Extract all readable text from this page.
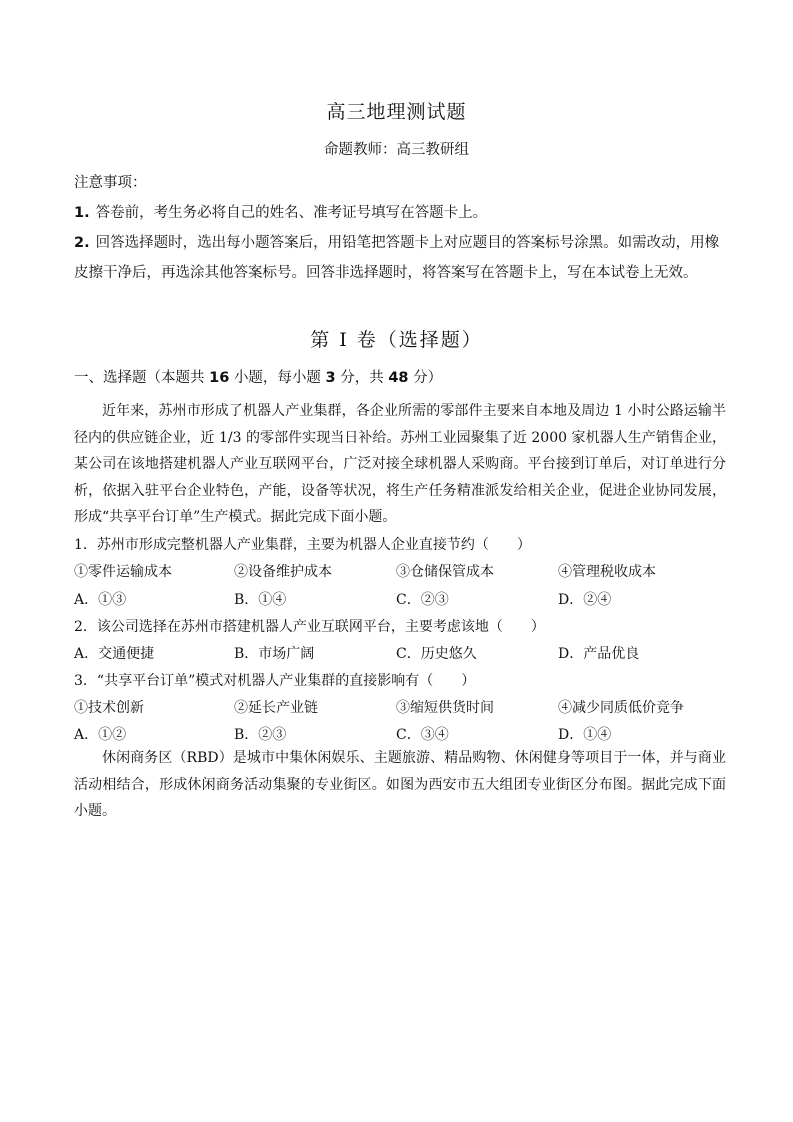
高三地理测试题
命题教师：高三教研组
注意事项：
1. 答卷前，考生务必将自己的姓名、准考证号填写在答题卡上。
2. 回答选择题时，选出每小题答案后，用铅笔把答题卡上对应题目的答案标号涂黑。如需改动，用橡皮擦干净后，再选涂其他答案标号。回答非选择题时，将答案写在答题卡上，写在本试卷上无效。
第 Ⅰ 卷（选择题）
一、选择题（本题共 16 小题，每小题 3 分，共 48 分）
近年来，苏州市形成了机器人产业集群，各企业所需的零部件主要来自本地及周边 1 小时公路运输半径内的供应链企业，近 1/3 的零部件实现当日补给。苏州工业园聚集了近 2000 家机器人生产销售企业，某公司在该地搭建机器人产业互联网平台，广泛对接全球机器人采购商。平台接到订单后，对订单进行分析，依据入驻平台企业特色，产能，设备等状况，将生产任务精准派发给相关企业，促进企业协同发展，形成“共享平台订单”生产模式。据此完成下面小题。
1．苏州市形成完整机器人产业集群，主要为机器人企业直接节约（　　）
①零件运输成本	②设备维护成本	③仓储保管成本	④管理税收成本
A．①③	B．①④	C．②③	D．②④
2．该公司选择在苏州市搭建机器人产业互联网平台，主要考虑该地（　　）
A．交通便捷	B．市场广阔	C．历史悠久	D．产品优良
3．“共享平台订单”模式对机器人产业集群的直接影响有（　　）
①技术创新	②延长产业链	③缩短供货时间	④减少同质低价竞争
A．①②	B．②③	C．③④	D．①④
休闲商务区（RBD）是城市中集休闲娱乐、主题旅游、精品购物、休闲健身等项目于一体，并与商业活动相结合，形成休闲商务活动集聚的专业街区。如图为西安市五大组团专业街区分布图。据此完成下面小题。
